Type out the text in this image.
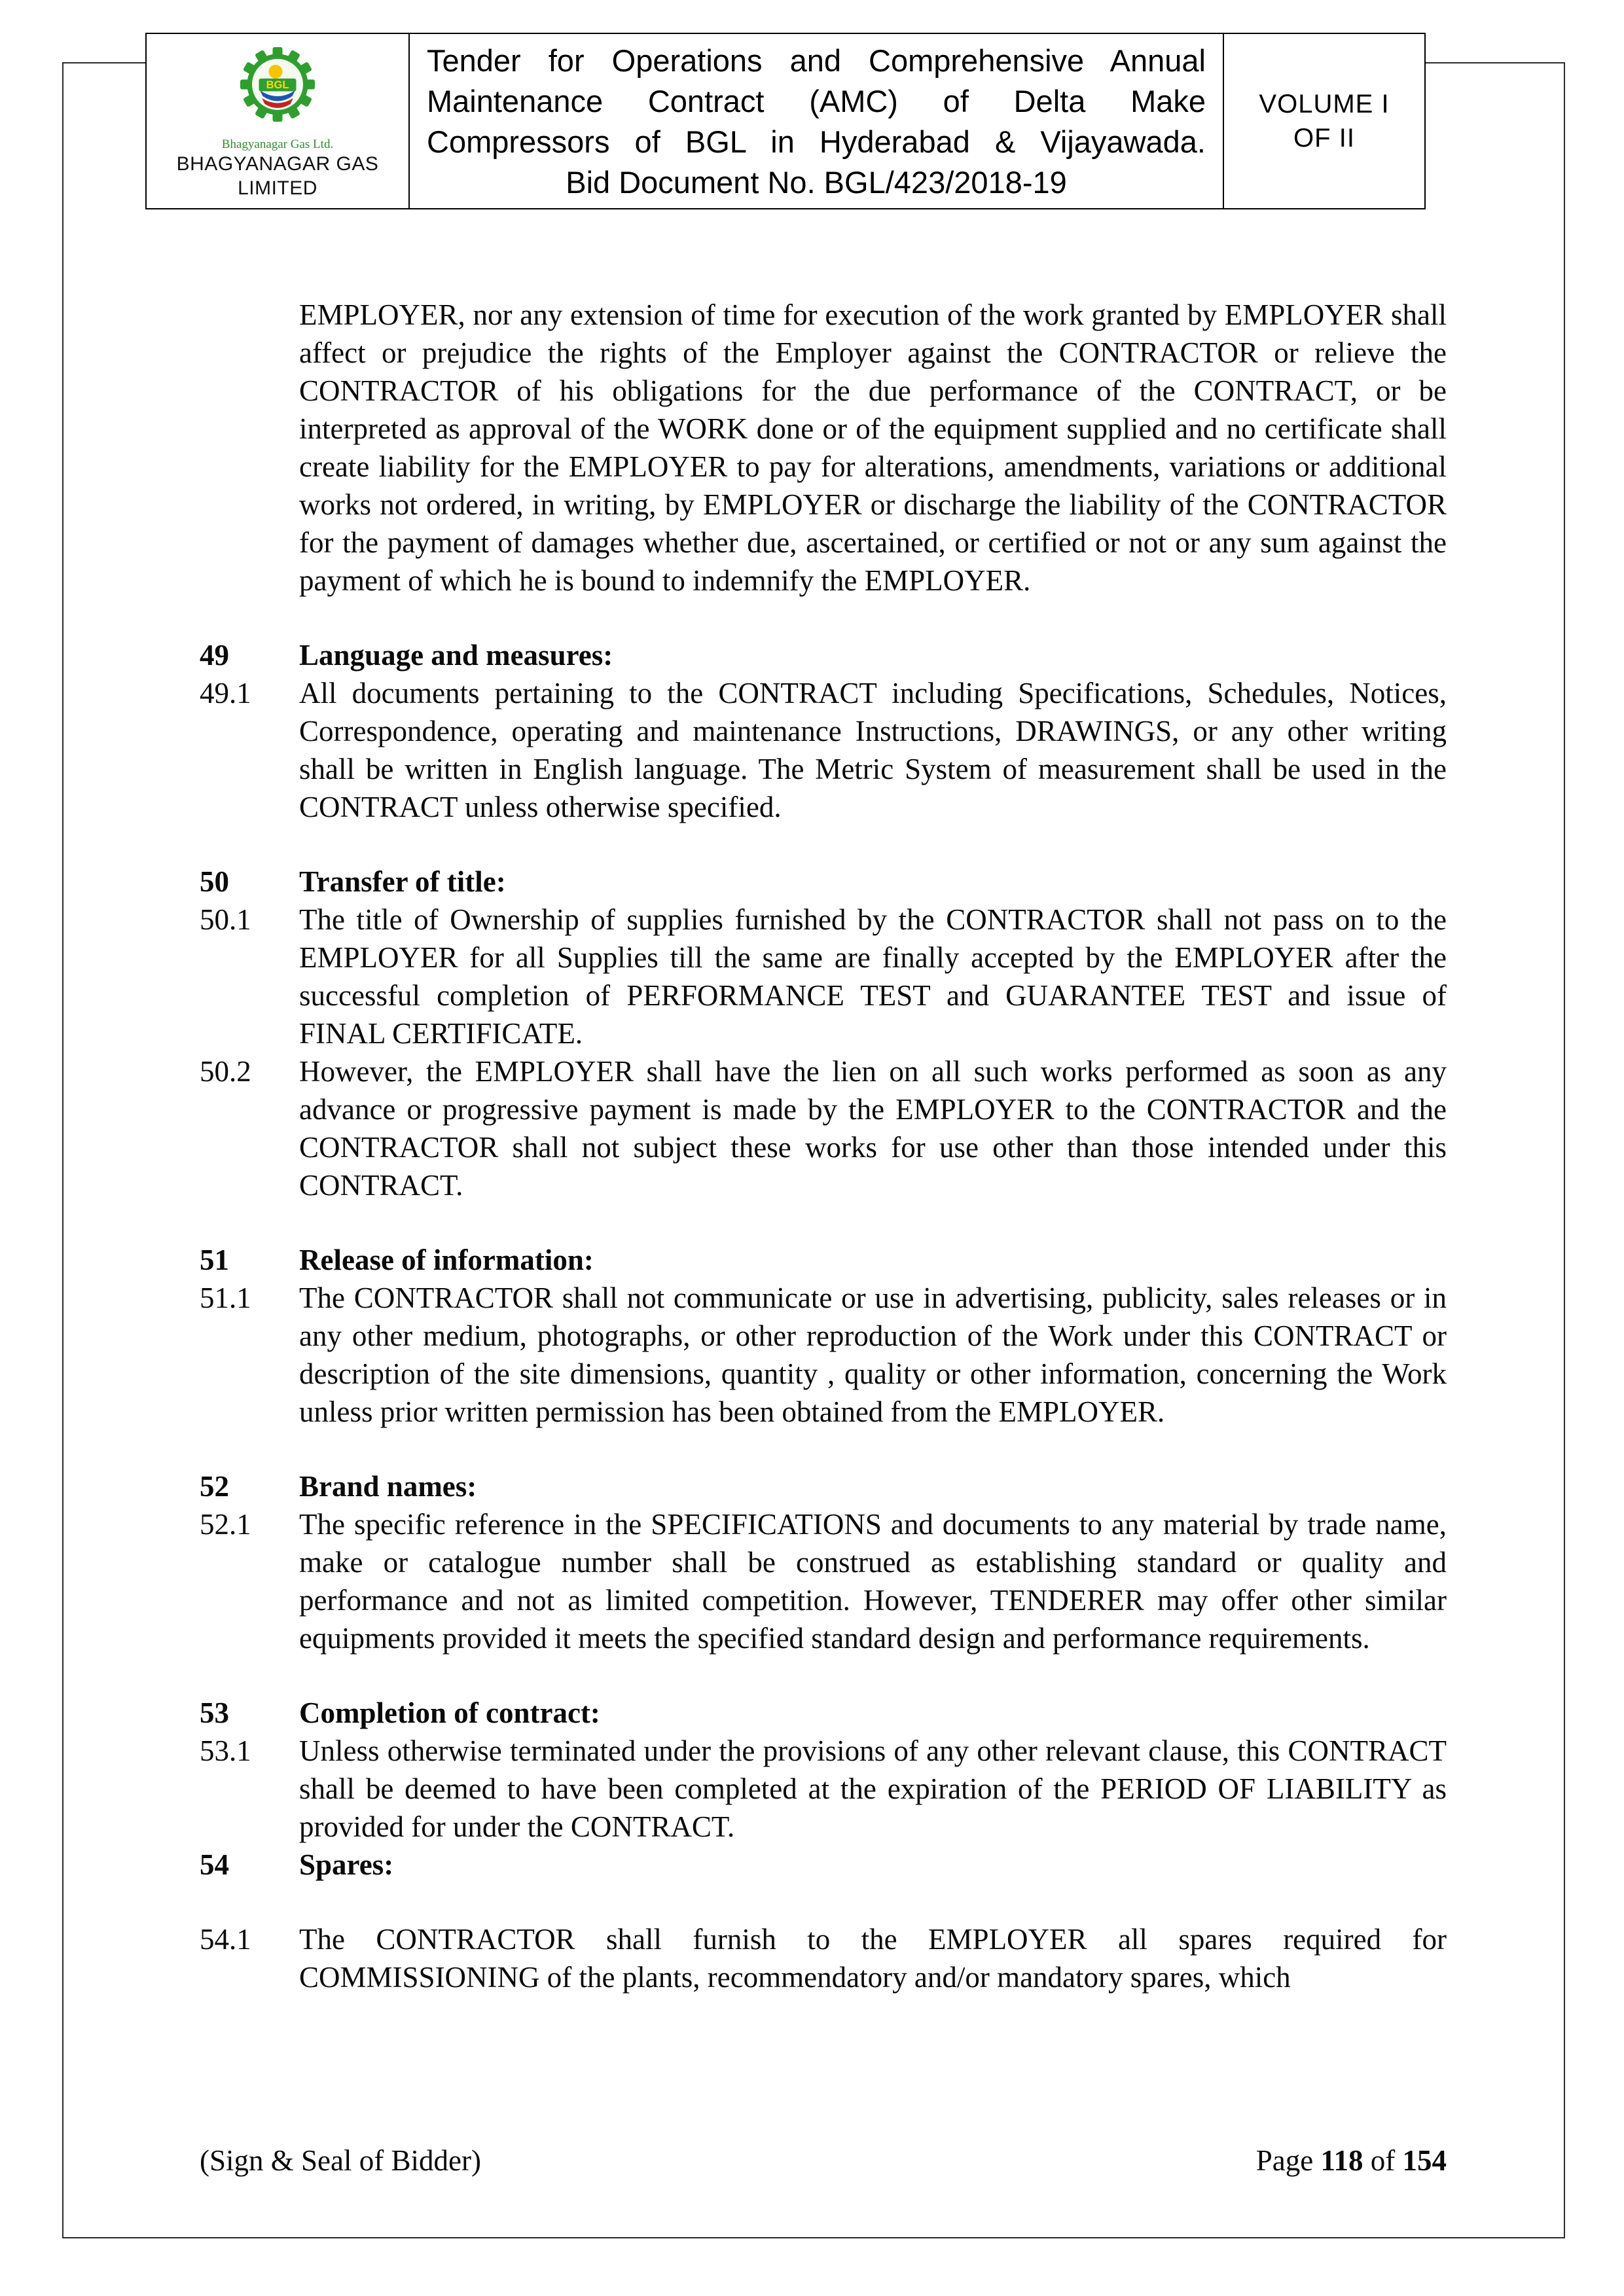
BGL
Bhagyanagar Gas Ltd.
BHAGYANAGAR GAS
LIMITED
Tender for Operations and Comprehensive Annual
Maintenance Contract (AMC) of Delta Make
Compressors of BGL in Hyderabad & Vijayawada.
Bid Document No. BGL/423/2018-19
VOLUME I
OF II

EMPLOYER, nor any extension of time for execution of the work granted by EMPLOYER shall affect or prejudice the rights of the Employer against the CONTRACTOR or relieve the CONTRACTOR of his obligations for the due performance of the CONTRACT, or be interpreted as approval of the WORK done or of the equipment supplied and no certificate shall create liability for the EMPLOYER to pay for alterations, amendments, variations or additional works not ordered, in writing, by EMPLOYER or discharge the liability of the CONTRACTOR for the payment of damages whether due, ascertained, or certified or not or any sum against the payment of which he is bound to indemnify the EMPLOYER.

49	Language and measures:
49.1	All documents pertaining to the CONTRACT including Specifications, Schedules, Notices, Correspondence, operating and maintenance Instructions, DRAWINGS, or any other writing shall be written in English language. The Metric System of measurement shall be used in the CONTRACT unless otherwise specified.

50	Transfer of title:
50.1	The title of Ownership of supplies furnished by the CONTRACTOR shall not pass on to the EMPLOYER for all Supplies till the same are finally accepted by the EMPLOYER after the successful completion of PERFORMANCE TEST and GUARANTEE TEST and issue of FINAL CERTIFICATE.

50.2	However, the EMPLOYER shall have the lien on all such works performed as soon as any advance or progressive payment is made by the EMPLOYER to the CONTRACTOR and the CONTRACTOR shall not subject these works for use other than those intended under this CONTRACT.

51	Release of information:
51.1	The CONTRACTOR shall not communicate or use in advertising, publicity, sales releases or in any other medium, photographs, or other reproduction of the Work under this CONTRACT or description of the site dimensions, quantity , quality or other information, concerning the Work unless prior written permission has been obtained from the EMPLOYER.

52	Brand names:
52.1	The specific reference in the SPECIFICATIONS and documents to any material by trade name, make or catalogue number shall be construed as establishing standard or quality and performance and not as limited competition. However, TENDERER may offer other similar equipments provided it meets the specified standard design and performance requirements.

53	Completion of contract:
53.1	Unless otherwise terminated under the provisions of any other relevant clause, this CONTRACT shall be deemed to have been completed at the expiration of the PERIOD OF LIABILITY as provided for under the CONTRACT.

54	Spares:
54.1	The CONTRACTOR shall furnish to the EMPLOYER all spares required for COMMISSIONING of the plants, recommendatory and/or mandatory spares, which

(Sign & Seal of Bidder)	Page 118 of 154
